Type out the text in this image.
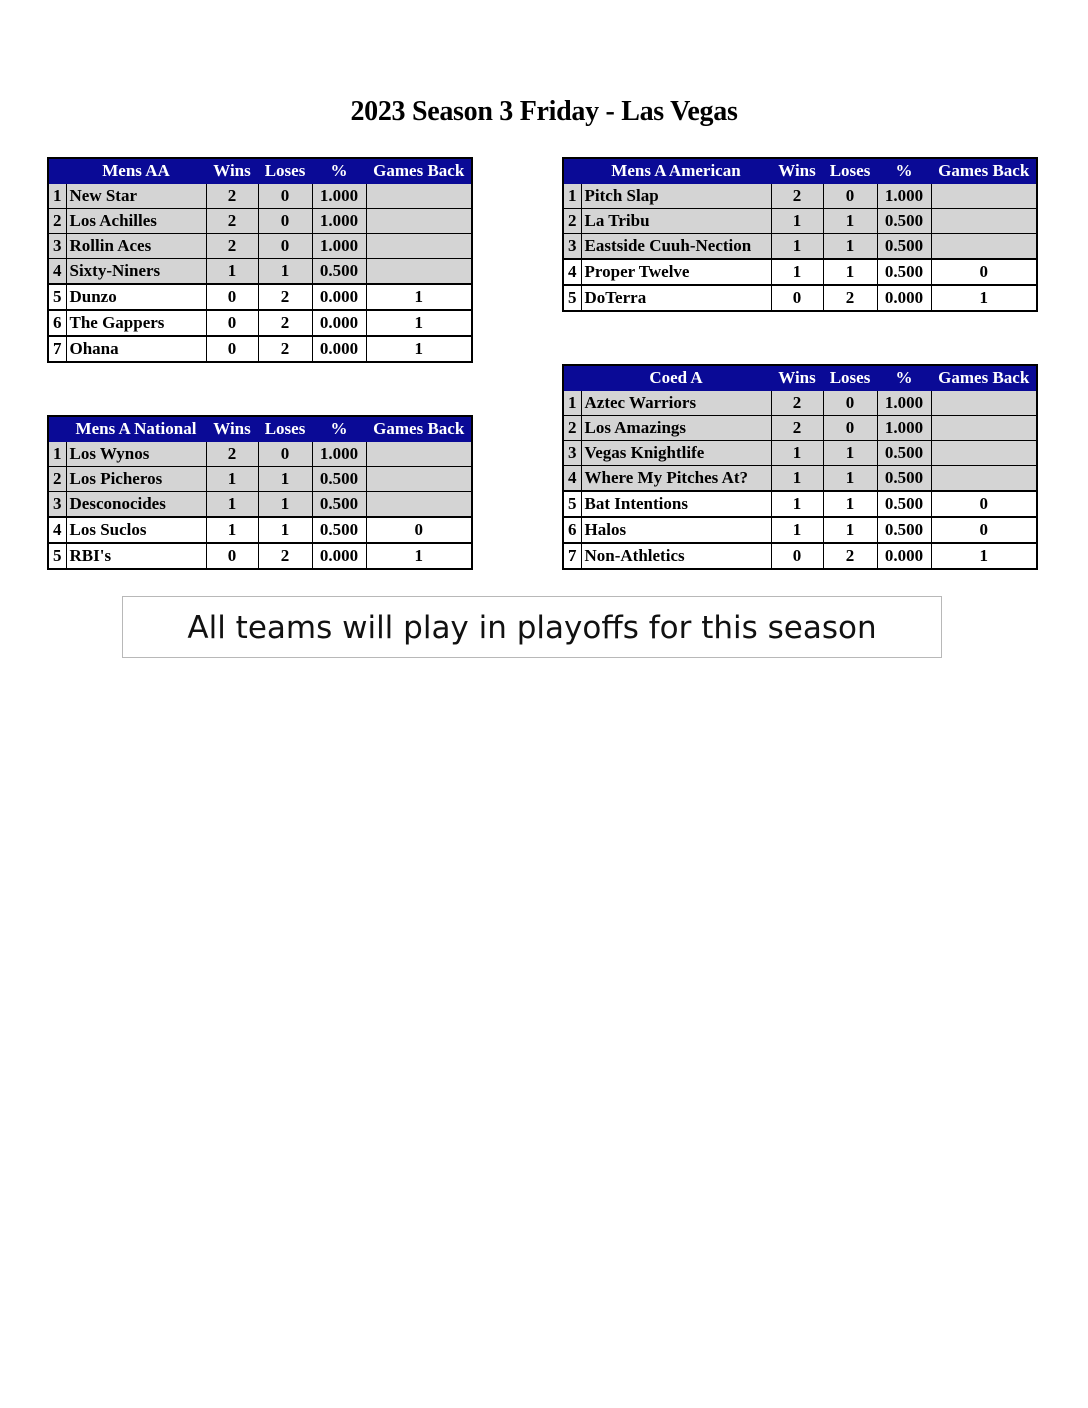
2023 Season 3 Friday - Las Vegas
	Mens AA	Wins	Loses	%	Games Back
1	New Star	2	0	1.000	
2	Los Achilles	2	0	1.000	
3	Rollin Aces	2	0	1.000	
4	Sixty-Niners	1	1	0.500	
5	Dunzo	0	2	0.000	1
6	The Gappers	0	2	0.000	1
7	Ohana	0	2	0.000	1
	Mens A National	Wins	Loses	%	Games Back
1	Los Wynos	2	0	1.000	
2	Los Picheros	1	1	0.500	
3	Desconocides	1	1	0.500	
4	Los Suclos	1	1	0.500	0
5	RBI's	0	2	0.000	1
	Mens A American	Wins	Loses	%	Games Back
1	Pitch Slap	2	0	1.000	
2	La Tribu	1	1	0.500	
3	Eastside Cuuh-Nection	1	1	0.500	
4	Proper Twelve	1	1	0.500	0
5	DoTerra	0	2	0.000	1
	Coed A	Wins	Loses	%	Games Back
1	Aztec Warriors	2	0	1.000	
2	Los Amazings	2	0	1.000	
3	Vegas Knightlife	1	1	0.500	
4	Where My Pitches At?	1	1	0.500	
5	Bat Intentions	1	1	0.500	0
6	Halos	1	1	0.500	0
7	Non-Athletics	0	2	0.000	1
All teams will play in playoffs for this season
